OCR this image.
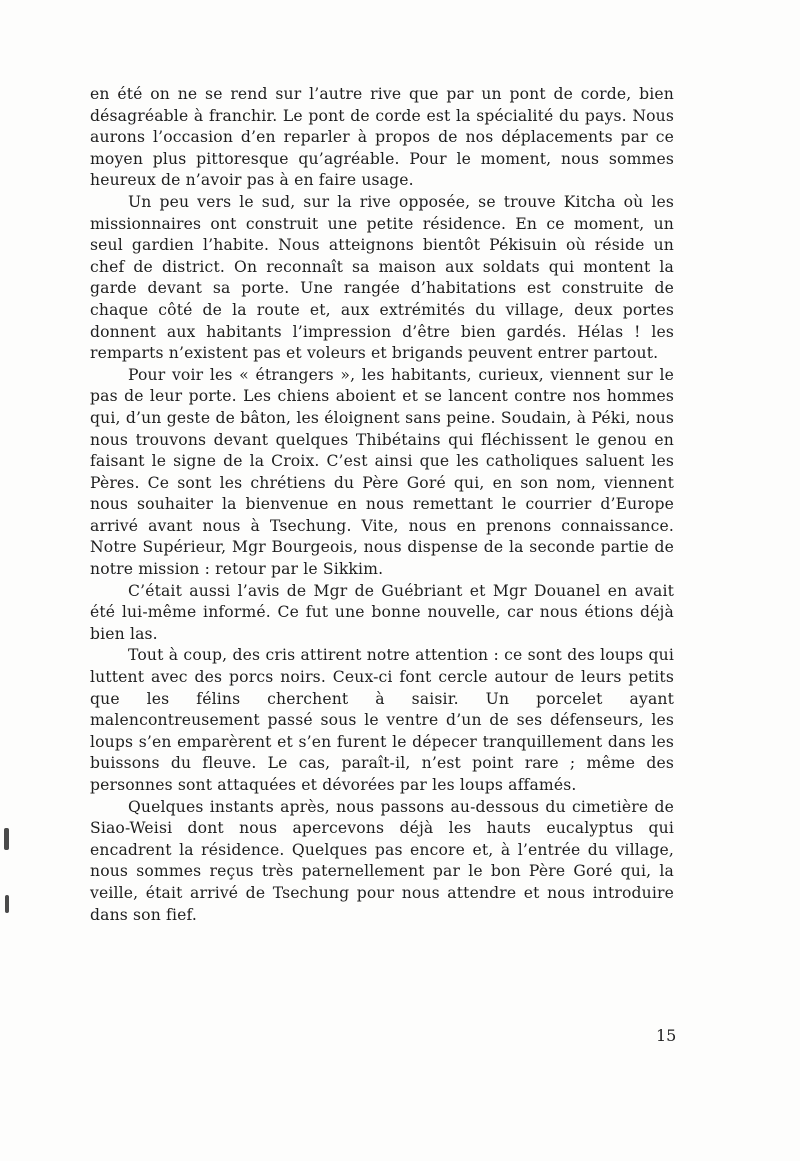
en été on ne se rend sur l’autre rive que par un pont de corde, bien désagréable à franchir. Le pont de corde est la spécialité du pays. Nous aurons l’occasion d’en reparler à propos de nos déplacements par ce moyen plus pittoresque qu’agréable. Pour le moment, nous sommes heureux de n’avoir pas à en faire usage.

Un peu vers le sud, sur la rive opposée, se trouve Kitcha où les missionnaires ont construit une petite résidence. En ce moment, un seul gardien l’habite. Nous atteignons bientôt Pékisuin où réside un chef de district. On reconnaît sa maison aux soldats qui montent la garde devant sa porte. Une rangée d’habitations est construite de chaque côté de la route et, aux extrémités du village, deux portes donnent aux habitants l’impression d’être bien gardés. Hélas ! les remparts n’existent pas et voleurs et brigands peuvent entrer partout.

Pour voir les « étrangers », les habitants, curieux, viennent sur le pas de leur porte. Les chiens aboient et se lancent contre nos hommes qui, d’un geste de bâton, les éloignent sans peine. Soudain, à Péki, nous nous trouvons devant quelques Thibétains qui fléchissent le genou en faisant le signe de la Croix. C’est ainsi que les catholiques saluent les Pères. Ce sont les chrétiens du Père Goré qui, en son nom, viennent nous souhaiter la bienvenue en nous remettant le courrier d’Europe arrivé avant nous à Tsechung. Vite, nous en prenons connaissance. Notre Supérieur, Mgr Bourgeois, nous dispense de la seconde partie de notre mission : retour par le Sikkim.

C’était aussi l’avis de Mgr de Guébriant et Mgr Douanel en avait été lui-même informé. Ce fut une bonne nouvelle, car nous étions déjà bien las.

Tout à coup, des cris attirent notre attention : ce sont des loups qui luttent avec des porcs noirs. Ceux-ci font cercle autour de leurs petits que les félins cherchent à saisir. Un porcelet ayant malencontreusement passé sous le ventre d’un de ses défenseurs, les loups s’en emparèrent et s’en furent le dépecer tranquillement dans les buissons du fleuve. Le cas, paraît-il, n’est point rare ; même des personnes sont attaquées et dévorées par les loups affamés.

Quelques instants après, nous passons au-dessous du cimetière de Siao-Weisi dont nous apercevons déjà les hauts eucalyptus qui encadrent la résidence. Quelques pas encore et, à l’entrée du village, nous sommes reçus très paternellement par le bon Père Goré qui, la veille, était arrivé de Tsechung pour nous attendre et nous introduire dans son fief.

15
